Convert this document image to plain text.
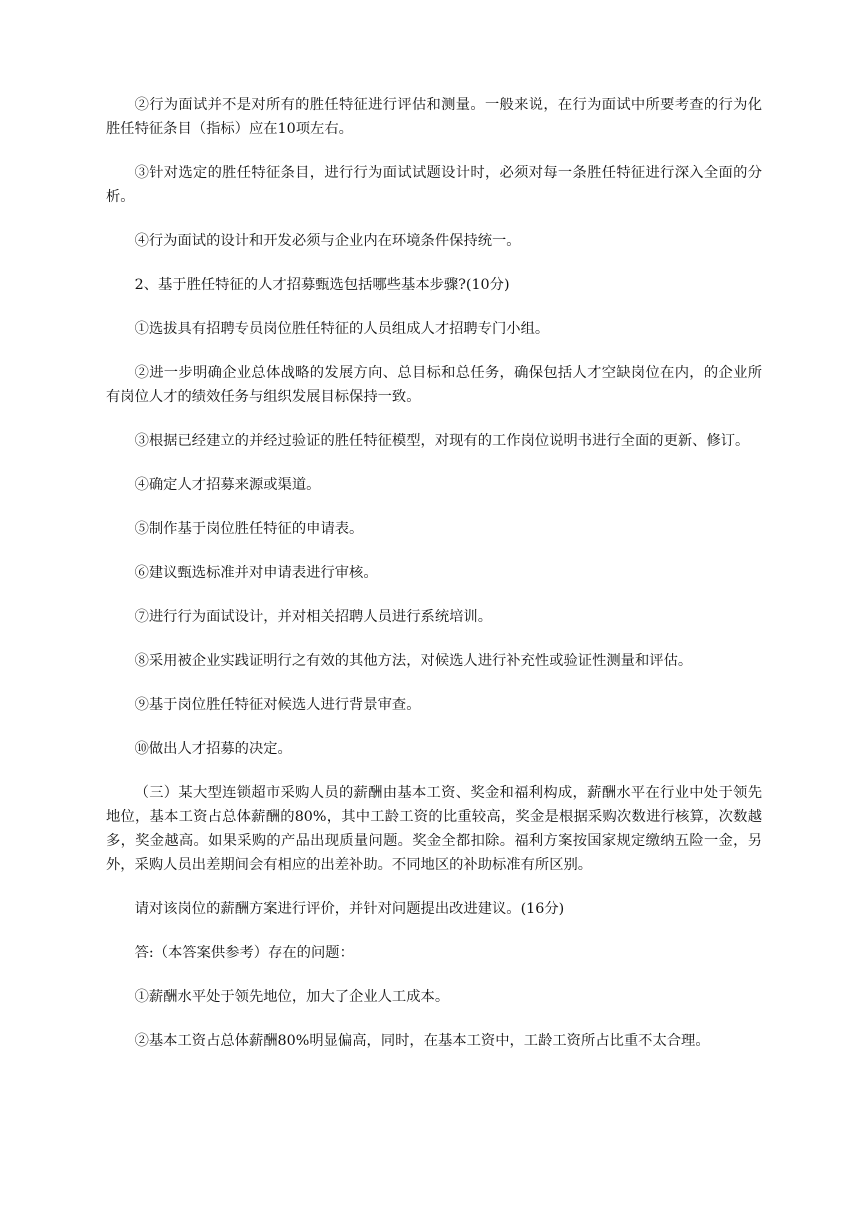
②行为面试并不是对所有的胜任特征进行评估和测量。一般来说，在行为面试中所要考查的行为化胜任特征条目（指标）应在10项左右。

③针对选定的胜任特征条目，进行行为面试试题设计时，必须对每一条胜任特征进行深入全面的分析。

④行为面试的设计和开发必须与企业内在环境条件保持统一。

2、基于胜任特征的人才招募甄选包括哪些基本步骤?(10分)

①选拔具有招聘专员岗位胜任特征的人员组成人才招聘专门小组。

②进一步明确企业总体战略的发展方向、总目标和总任务，确保包括人才空缺岗位在内，的企业所有岗位人才的绩效任务与组织发展目标保持一致。

③根据已经建立的并经过验证的胜任特征模型，对现有的工作岗位说明书进行全面的更新、修订。

④确定人才招募来源或渠道。

⑤制作基于岗位胜任特征的申请表。

⑥建议甄选标准并对申请表进行审核。

⑦进行行为面试设计，并对相关招聘人员进行系统培训。

⑧采用被企业实践证明行之有效的其他方法，对候选人进行补充性或验证性测量和评估。

⑨基于岗位胜任特征对候选人进行背景审查。

⑩做出人才招募的决定。

（三）某大型连锁超市采购人员的薪酬由基本工资、奖金和福利构成，薪酬水平在行业中处于领先地位，基本工资占总体薪酬的80%，其中工龄工资的比重较高，奖金是根据采购次数进行核算，次数越多，奖金越高。如果采购的产品出现质量问题。奖金全都扣除。福利方案按国家规定缴纳五险一金，另外，采购人员出差期间会有相应的出差补助。不同地区的补助标准有所区别。

请对该岗位的薪酬方案进行评价，并针对问题提出改进建议。(16分)

答:（本答案供参考）存在的问题：

①薪酬水平处于领先地位，加大了企业人工成本。

②基本工资占总体薪酬80%明显偏高，同时，在基本工资中，工龄工资所占比重不太合理。
